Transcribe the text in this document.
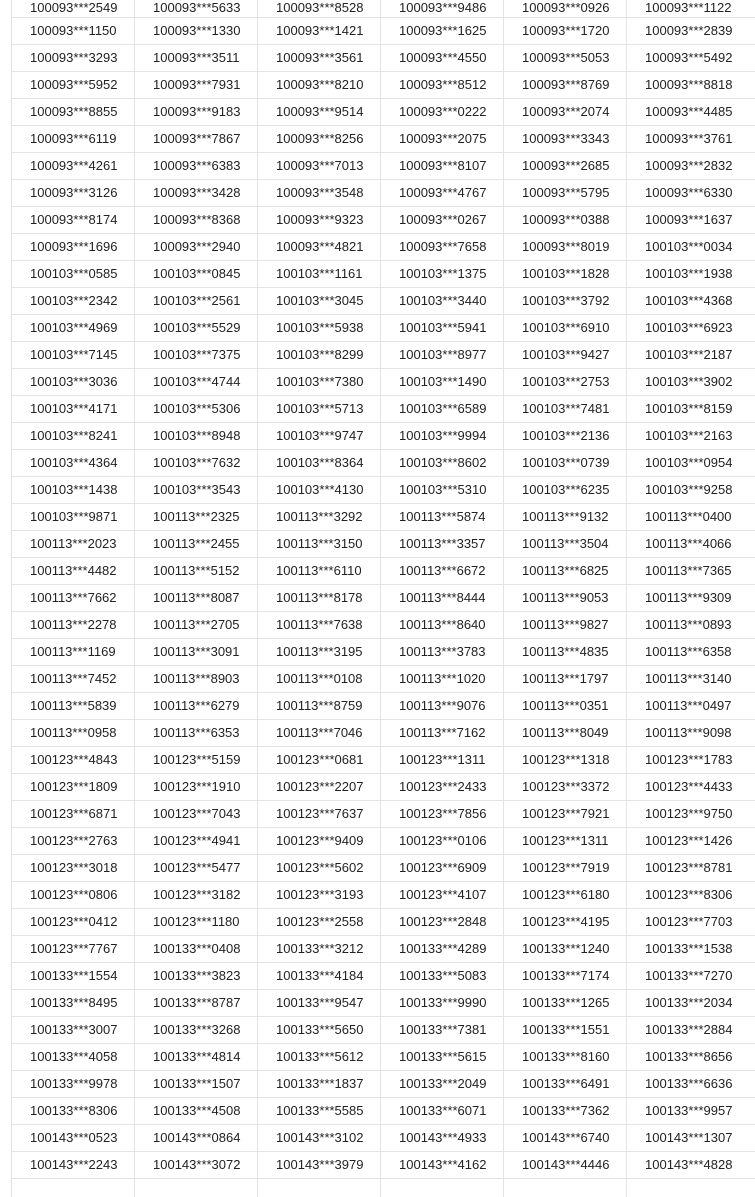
100093***2549	100093***5633	100093***8528	100093***9486	100093***0926	100093***1122
100093***1150	100093***1330	100093***1421	100093***1625	100093***1720	100093***2839
100093***3293	100093***3511	100093***3561	100093***4550	100093***5053	100093***5492
100093***5952	100093***7931	100093***8210	100093***8512	100093***8769	100093***8818
100093***8855	100093***9183	100093***9514	100093***0222	100093***2074	100093***4485
100093***6119	100093***7867	100093***8256	100093***2075	100093***3343	100093***3761
100093***4261	100093***6383	100093***7013	100093***8107	100093***2685	100093***2832
100093***3126	100093***3428	100093***3548	100093***4767	100093***5795	100093***6330
100093***8174	100093***8368	100093***9323	100093***0267	100093***0388	100093***1637
100093***1696	100093***2940	100093***4821	100093***7658	100093***8019	100103***0034
100103***0585	100103***0845	100103***1161	100103***1375	100103***1828	100103***1938
100103***2342	100103***2561	100103***3045	100103***3440	100103***3792	100103***4368
100103***4969	100103***5529	100103***5938	100103***5941	100103***6910	100103***6923
100103***7145	100103***7375	100103***8299	100103***8977	100103***9427	100103***2187
100103***3036	100103***4744	100103***7380	100103***1490	100103***2753	100103***3902
100103***4171	100103***5306	100103***5713	100103***6589	100103***7481	100103***8159
100103***8241	100103***8948	100103***9747	100103***9994	100103***2136	100103***2163
100103***4364	100103***7632	100103***8364	100103***8602	100103***0739	100103***0954
100103***1438	100103***3543	100103***4130	100103***5310	100103***6235	100103***9258
100103***9871	100113***2325	100113***3292	100113***5874	100113***9132	100113***0400
100113***2023	100113***2455	100113***3150	100113***3357	100113***3504	100113***4066
100113***4482	100113***5152	100113***6110	100113***6672	100113***6825	100113***7365
100113***7662	100113***8087	100113***8178	100113***8444	100113***9053	100113***9309
100113***2278	100113***2705	100113***7638	100113***8640	100113***9827	100113***0893
100113***1169	100113***3091	100113***3195	100113***3783	100113***4835	100113***6358
100113***7452	100113***8903	100113***0108	100113***1020	100113***1797	100113***3140
100113***5839	100113***6279	100113***8759	100113***9076	100113***0351	100113***0497
100113***0958	100113***6353	100113***7046	100113***7162	100113***8049	100113***9098
100123***4843	100123***5159	100123***0681	100123***1311	100123***1318	100123***1783
100123***1809	100123***1910	100123***2207	100123***2433	100123***3372	100123***4433
100123***6871	100123***7043	100123***7637	100123***7856	100123***7921	100123***9750
100123***2763	100123***4941	100123***9409	100123***0106	100123***1311	100123***1426
100123***3018	100123***5477	100123***5602	100123***6909	100123***7919	100123***8781
100123***0806	100123***3182	100123***3193	100123***4107	100123***6180	100123***8306
100123***0412	100123***1180	100123***2558	100123***2848	100123***4195	100123***7703
100123***7767	100133***0408	100133***3212	100133***4289	100133***1240	100133***1538
100133***1554	100133***3823	100133***4184	100133***5083	100133***7174	100133***7270
100133***8495	100133***8787	100133***9547	100133***9990	100133***1265	100133***2034
100133***3007	100133***3268	100133***5650	100133***7381	100133***1551	100133***2884
100133***4058	100133***4814	100133***5612	100133***5615	100133***8160	100133***8656
100133***9978	100133***1507	100133***1837	100133***2049	100133***6491	100133***6636
100133***8306	100133***4508	100133***5585	100133***6071	100133***7362	100133***9957
100143***0523	100143***0864	100143***3102	100143***4933	100143***6740	100143***1307
100143***2243	100143***3072	100143***3979	100143***4162	100143***4446	100143***4828
